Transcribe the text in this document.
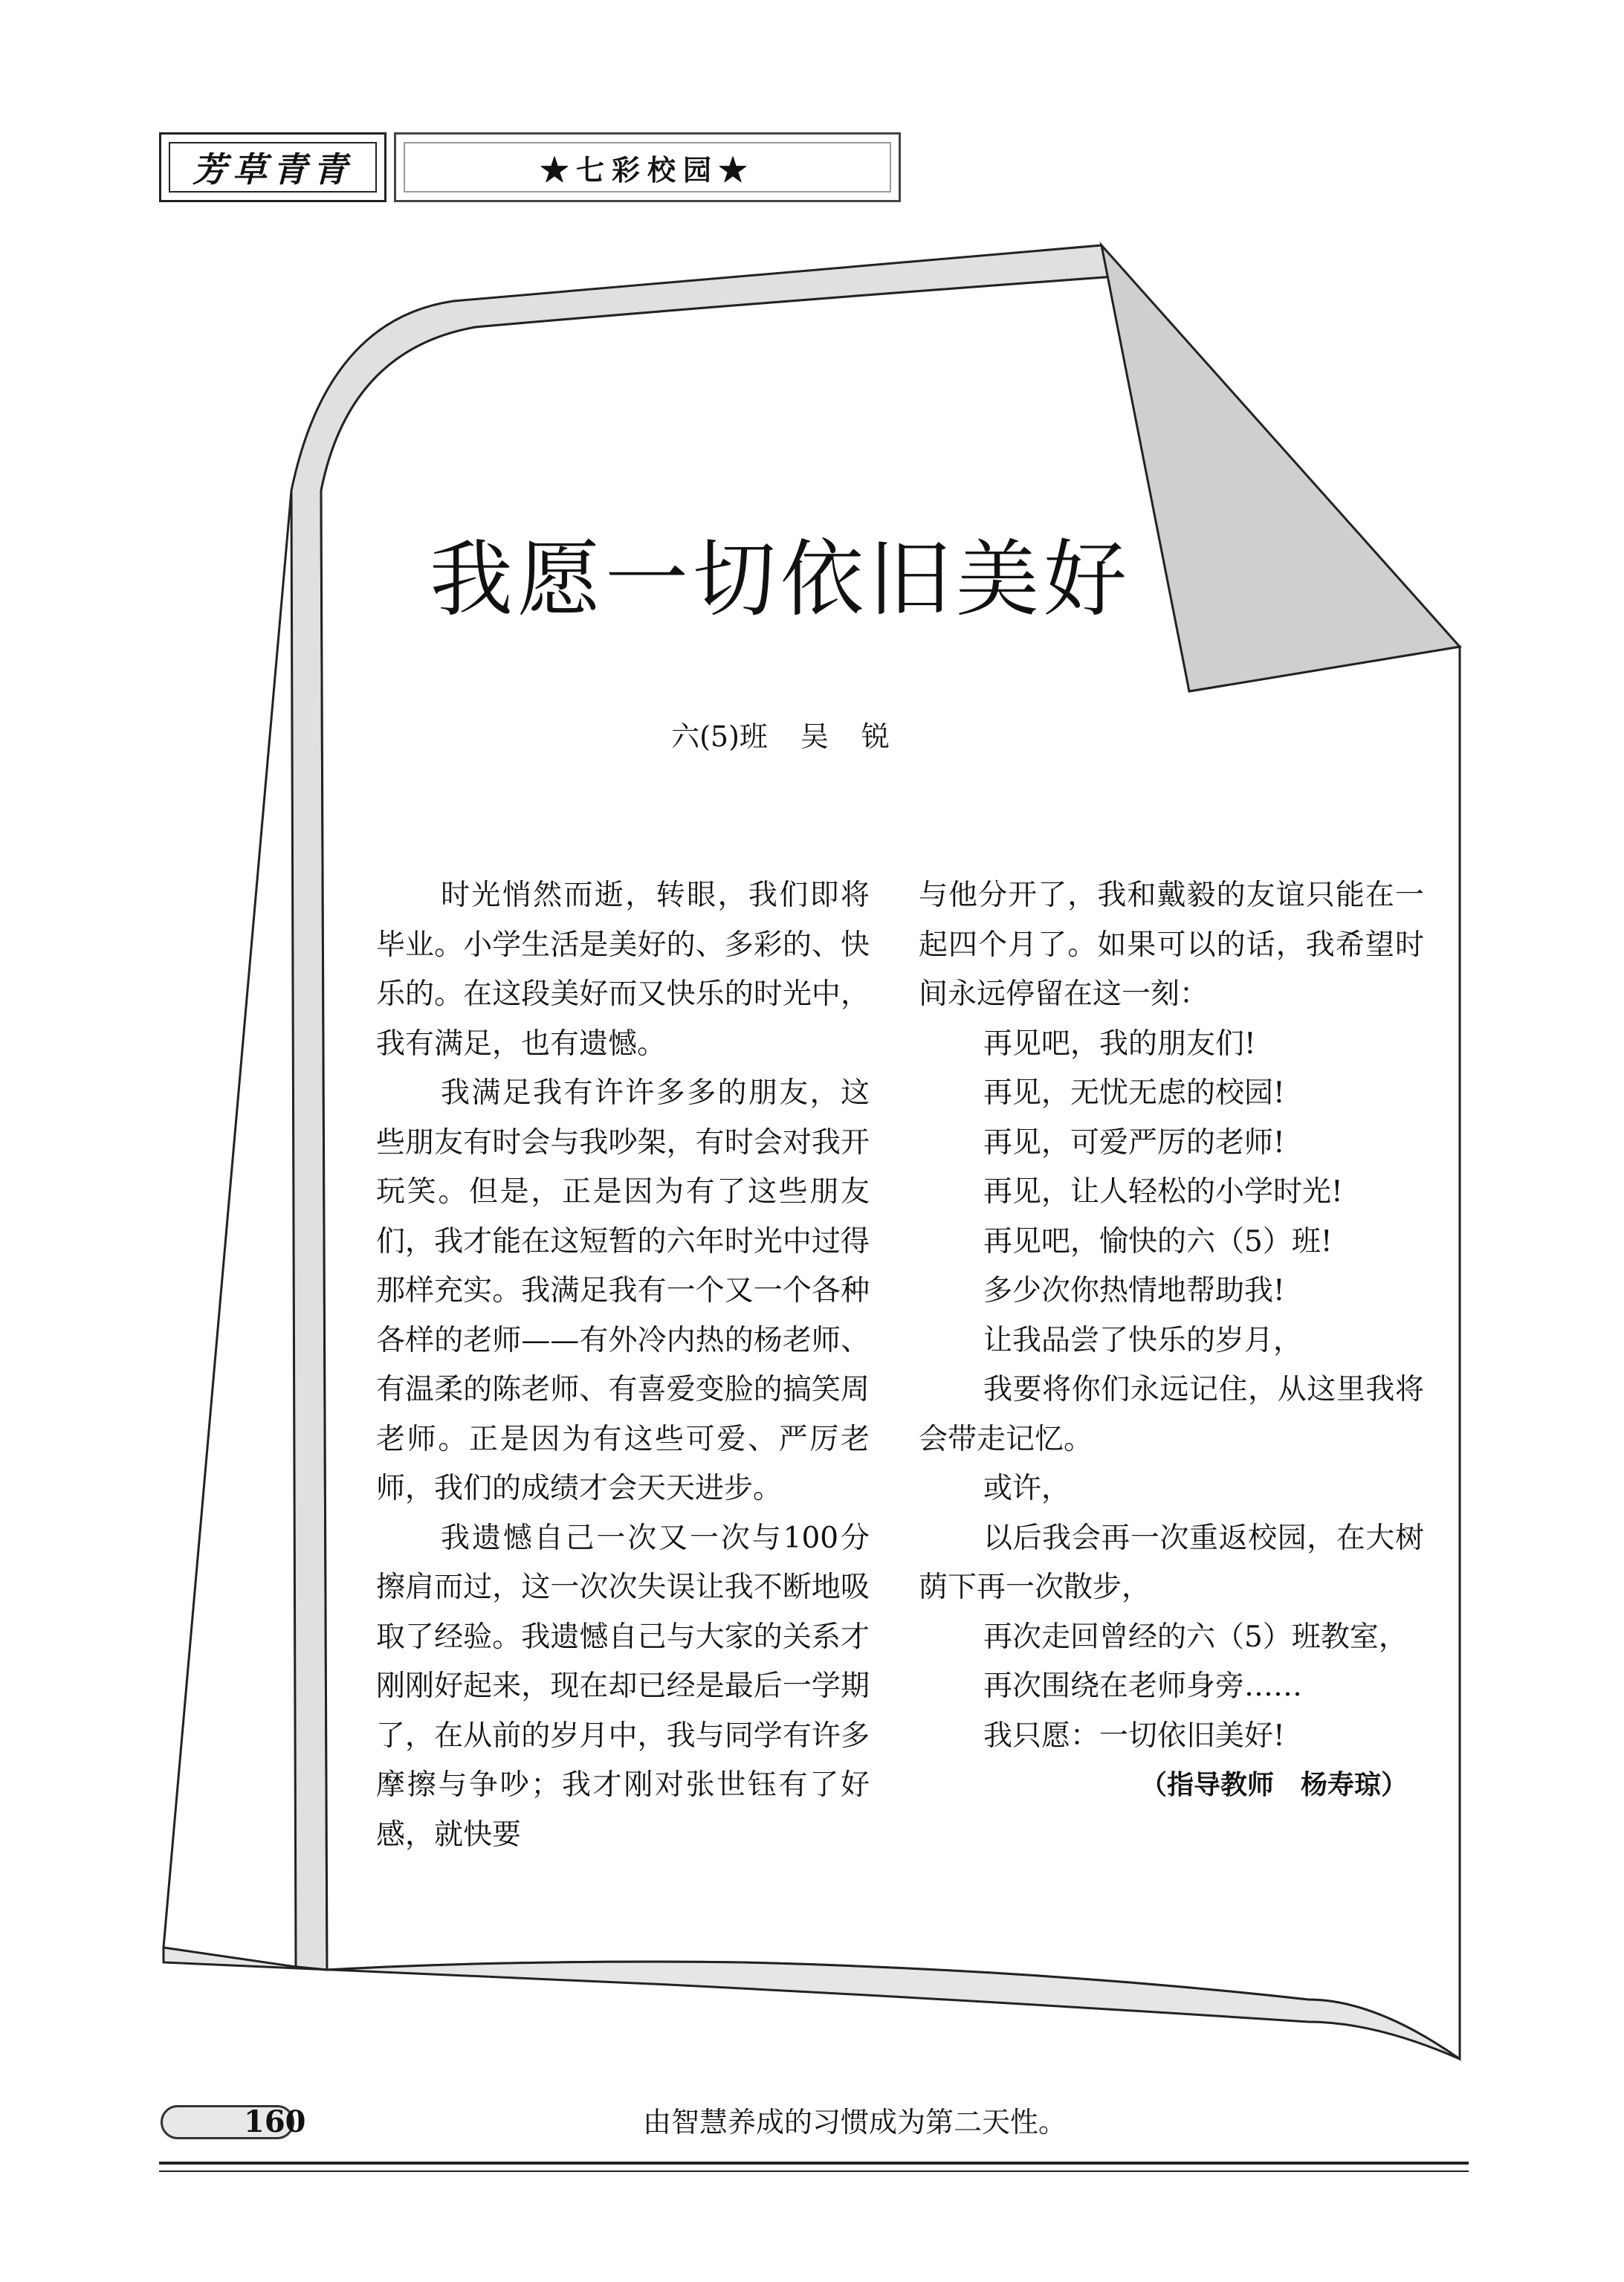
芳草青青	★七彩校园★
我愿一切依旧美好
六(5)班 吴 锐

时光悄然而逝，转眼，我们即将毕业。小学生活是美好的、多彩的、快乐的。在这段美好而又快乐的时光中，我有满足，也有遗憾。

我满足我有许许多多的朋友，这些朋友有时会与我吵架，有时会对我开玩笑。但是，正是因为有了这些朋友们，我才能在这短暂的六年时光中过得那样充实。我满足我有一个又一个各种各样的老师——有外冷内热的杨老师、有温柔的陈老师、有喜爱变脸的搞笑周老师。正是因为有这些可爱、严厉老师，我们的成绩才会天天进步。

我遗憾自己一次又一次与100分擦肩而过，这一次次失误让我不断地吸取了经验。我遗憾自己与大家的关系才刚刚好起来，现在却已经是最后一学期了，在从前的岁月中，我与同学有许多摩擦与争吵；我才刚对张世钰有了好感，就快要

与他分开了，我和戴毅的友谊只能在一起四个月了。如果可以的话，我希望时间永远停留在这一刻：

再见吧，我的朋友们!

再见，无忧无虑的校园!

再见，可爱严厉的老师!

再见，让人轻松的小学时光!

再见吧，愉快的六（5）班!

多少次你热情地帮助我!

让我品尝了快乐的岁月，

我要将你们永远记住，从这里我将会带走记忆。

或许，

以后我会再一次重返校园，在大树荫下再一次散步，

再次走回曾经的六（5）班教室，

再次围绕在老师身旁……

我只愿：一切依旧美好!

（指导教师　杨寿琼）

160	由智慧养成的习惯成为第二天性。
